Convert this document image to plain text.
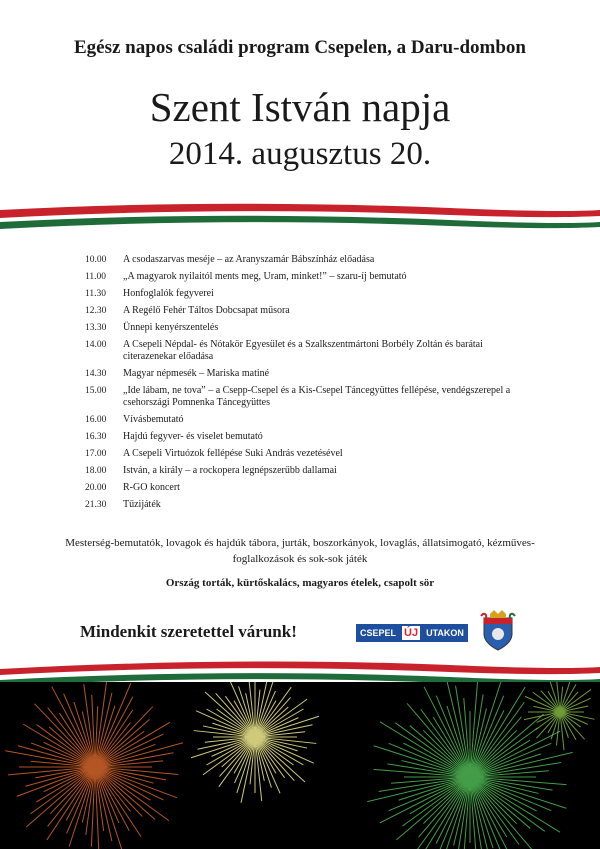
Egész napos családi program Csepelen, a Daru-dombon
Szent István napja
2014. augusztus 20.
10.00	A csodaszarvas meséje – az Aranyszamár Bábszínház előadása
11.00	„A magyarok nyilaitól ments meg, Uram, minket!” – szaru-íj bemutató
11.30	Honfoglalók fegyverei
12.30	A Regélő Fehér Táltos Dobcsapat műsora
13.30	Ünnepi kenyérszentelés
14.00	A Csepeli Népdal- és Nótakör Egyesület és a Szalkszentmártoni Borbély Zoltán és barátai citerazenekar előadása
14.30	Magyar népmesék – Mariska matiné
15.00	„Ide lábam, ne tova” – a Csepp-Csepel és a Kis-Csepel Táncegyüttes fellépése, vendégszerepel a csehországi Pomnenka Táncegyüttes
16.00	Vívásbemutató
16.30	Hajdú fegyver- és viselet bemutató
17.00	A Csepeli Virtuózok fellépése Suki András vezetésével
18.00	István, a király – a rockopera legnépszerűbb dallamai
20.00	R-GO koncert
21.30	Tűzijáték
Mesterség-bemutatók, lovagok és hajdúk tábora, jurták, boszorkányok, lovaglás, állatsimogató, kézműves-foglalkozások és sok-sok játék
Ország torták, kürtőskalács, magyaros ételek, csapolt sör
Mindenkit szeretettel várunk!	CSEPEL ÚJ UTAKON
